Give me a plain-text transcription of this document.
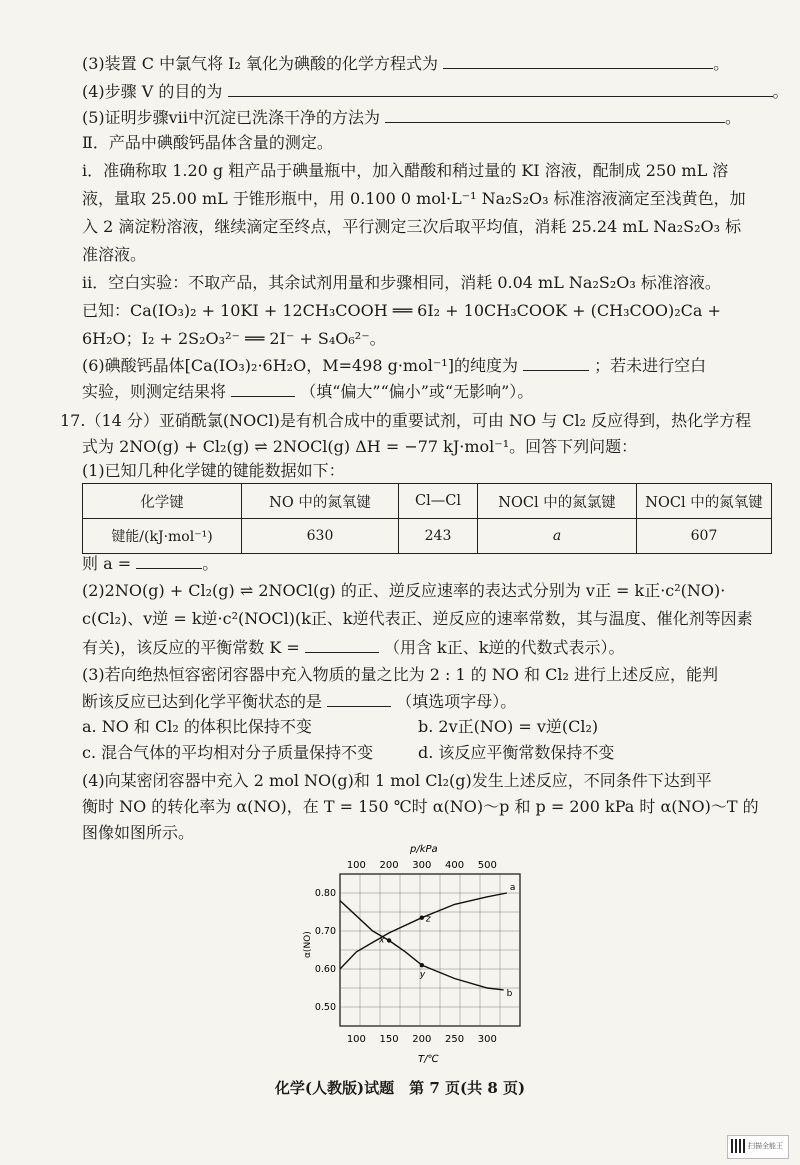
(3)装置 C 中氯气将 I₂ 氧化为碘酸的化学方程式为	。
(4)步骤 V 的目的为	。
(5)证明步骤ⅶ中沉淀已洗涤干净的方法为	。
Ⅱ．产品中碘酸钙晶体含量的测定。
ⅰ．准确称取 1.20 g 粗产品于碘量瓶中，加入醋酸和稍过量的 KI 溶液，配制成 250 mL 溶
液，量取 25.00 mL 于锥形瓶中，用 0.100 0 mol·L⁻¹ Na₂S₂O₃ 标准溶液滴定至浅黄色，加
入 2 滴淀粉溶液，继续滴定至终点，平行测定三次后取平均值，消耗 25.24 mL Na₂S₂O₃ 标
准溶液。
ⅱ．空白实验：不取产品，其余试剂用量和步骤相同，消耗 0.04 mL Na₂S₂O₃ 标准溶液。
已知：Ca(IO₃)₂ + 10KI + 12CH₃COOH ══ 6I₂ + 10CH₃COOK + (CH₃COO)₂Ca +
6H₂O；I₂ + 2S₂O₃²⁻ ══ 2I⁻ + S₄O₆²⁻。
(6)碘酸钙晶体[Ca(IO₃)₂·6H₂O，M=498 g·mol⁻¹]的纯度为	；若未进行空白
实验，则测定结果将	（填“偏大”“偏小”或“无影响”）。
17.（14 分）亚硝酰氯(NOCl)是有机合成中的重要试剂，可由 NO 与 Cl₂ 反应得到，热化学方程
式为 2NO(g) + Cl₂(g) ⇌ 2NOCl(g) ΔH = −77 kJ·mol⁻¹。回答下列问题：
(1)已知几种化学键的键能数据如下：
化学键	NO 中的氮氧键	Cl—Cl	NOCl 中的氮氯键	NOCl 中的氮氧键
键能/(kJ·mol⁻¹)	630	243	a	607
则 a =	。
(2)2NO(g) + Cl₂(g) ⇌ 2NOCl(g) 的正、逆反应速率的表达式分别为 v正 = k正·c²(NO)·
c(Cl₂)、v逆 = k逆·c²(NOCl)(k正、k逆代表正、逆反应的速率常数，其与温度、催化剂等因素
有关)，该反应的平衡常数 K =	（用含 k正、k逆的代数式表示）。
(3)若向绝热恒容密闭容器中充入物质的量之比为 2 : 1 的 NO 和 Cl₂ 进行上述反应，能判
断该反应已达到化学平衡状态的是	（填选项字母）。
a. NO 和 Cl₂ 的体积比保持不变	b. 2v正(NO) = v逆(Cl₂)
c. 混合气体的平均相对分子质量保持不变	d. 该反应平衡常数保持不变
(4)向某密闭容器中充入 2 mol NO(g)和 1 mol Cl₂(g)发生上述反应，不同条件下达到平
衡时 NO 的转化率为 α(NO)，在 T = 150 ℃时 α(NO)～p 和 p = 200 kPa 时 α(NO)～T 的
图像如图所示。
p/kPa
100 200 300 400 500
0.80
0.70
0.60
0.50
α(NO)
a
b
x
z
y
100 150 200 250 300
T/℃
化学(人教版)试题　第 7 页(共 8 页)
扫描全能王
